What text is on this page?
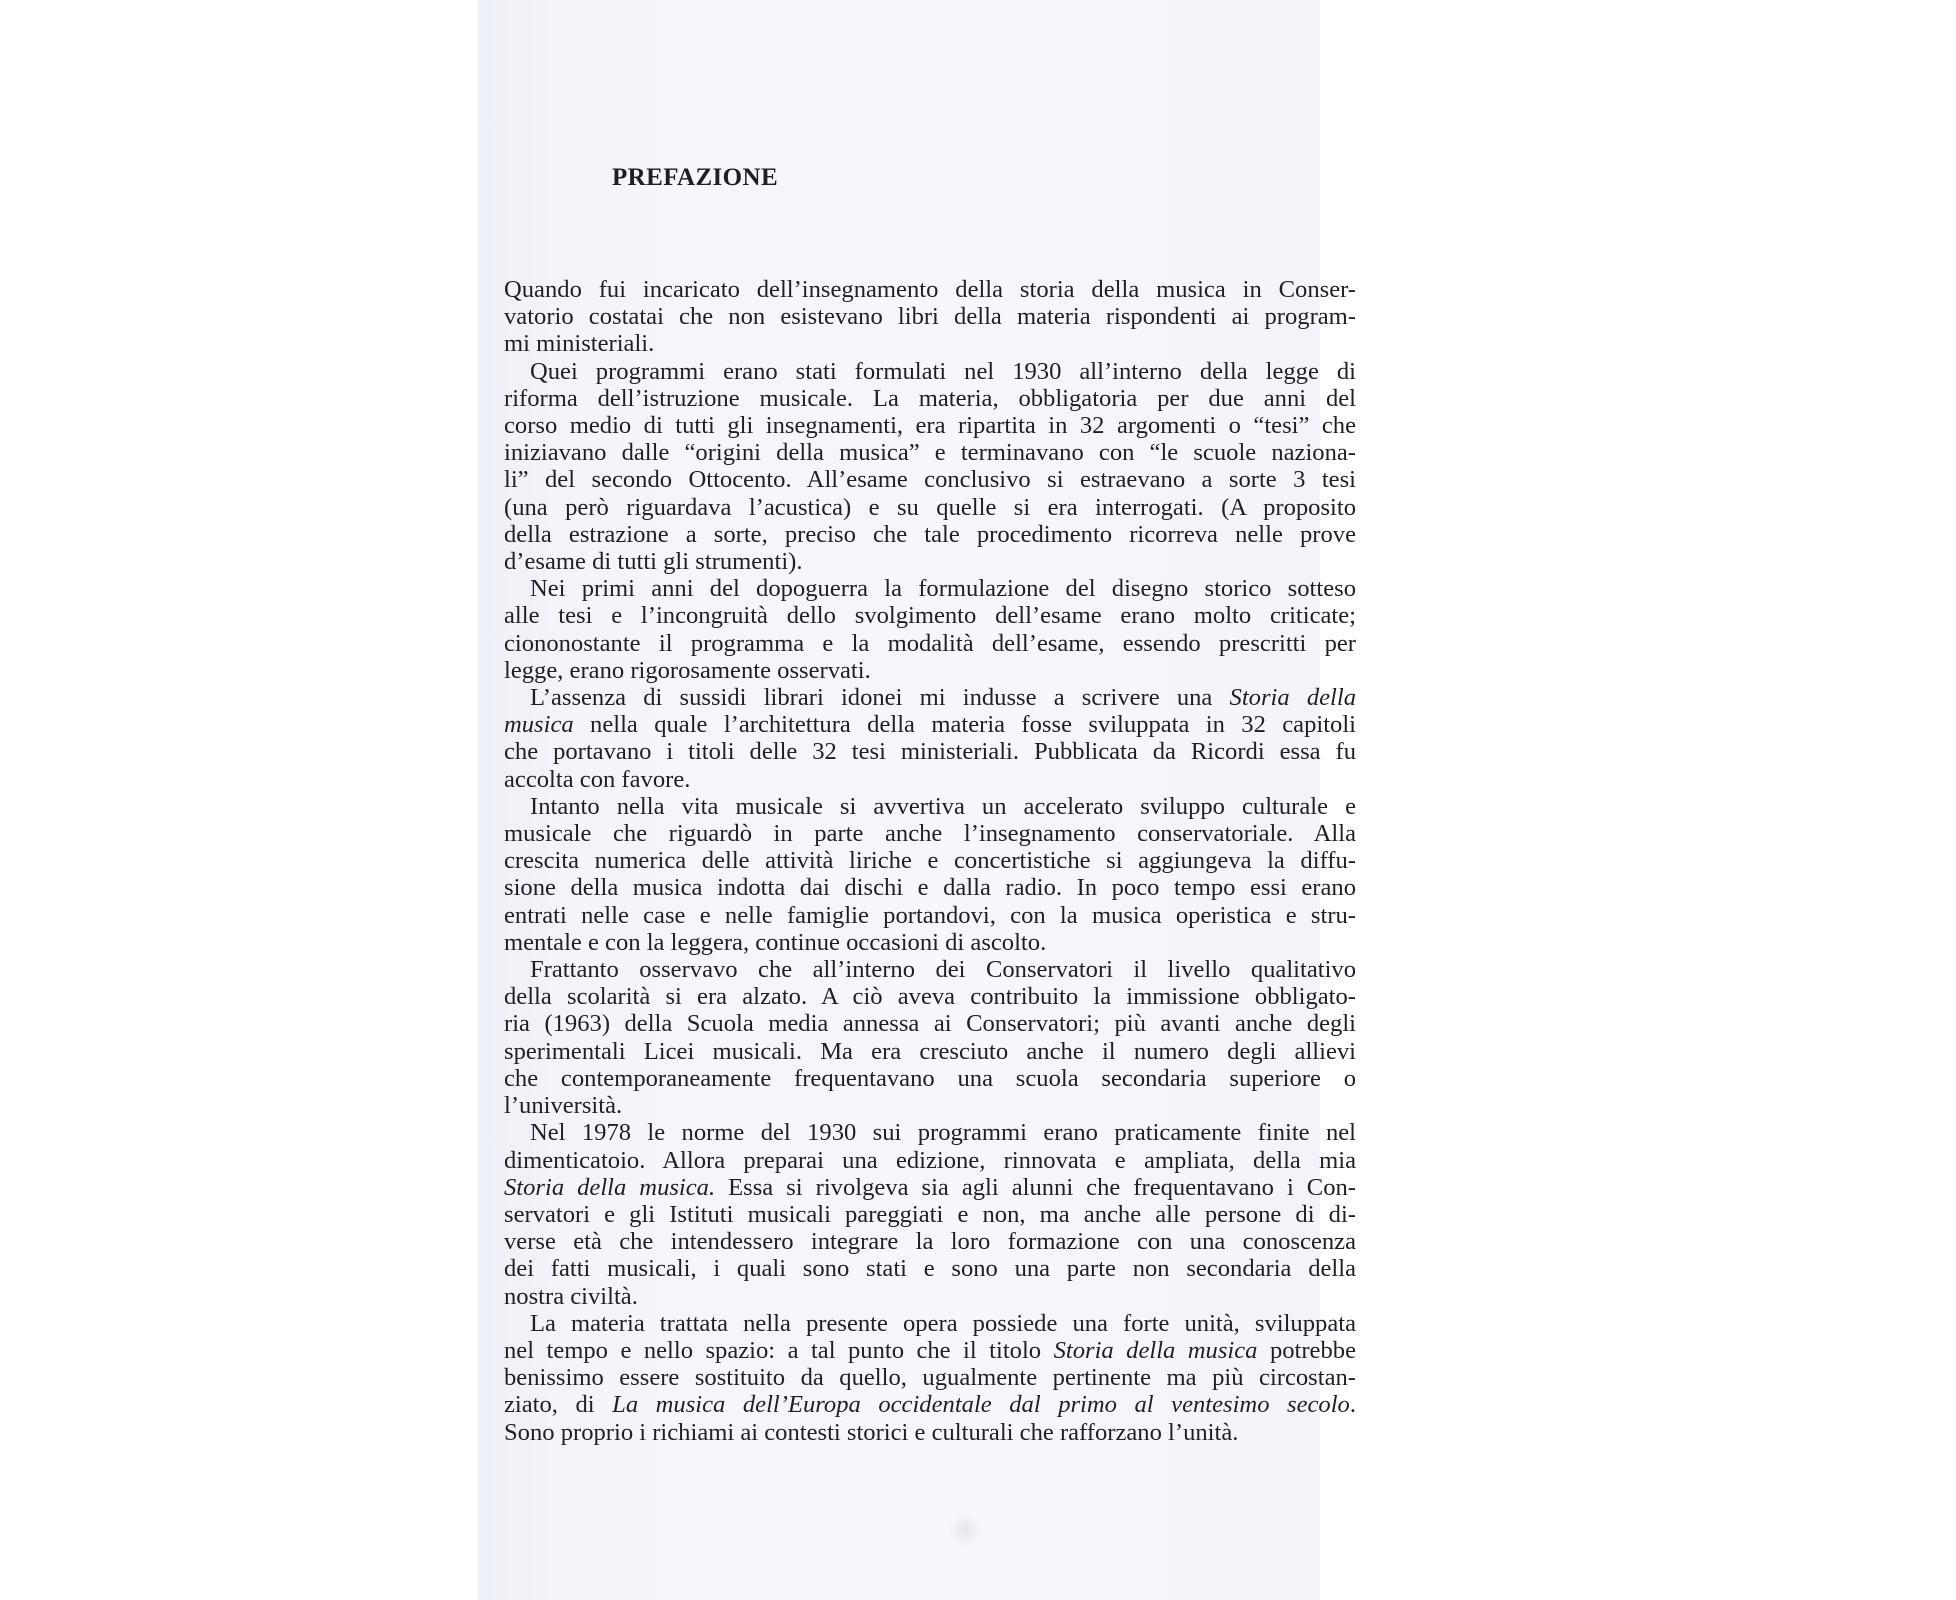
PREFAZIONE

Quando fui incaricato dell’insegnamento della storia della musica in Conser-
vatorio costatai che non esistevano libri della materia rispondenti ai program-
mi ministeriali.

Quei programmi erano stati formulati nel 1930 all’interno della legge di
riforma dell’istruzione musicale. La materia, obbligatoria per due anni del
corso medio di tutti gli insegnamenti, era ripartita in 32 argomenti o “tesi” che
iniziavano dalle “origini della musica” e terminavano con “le scuole naziona-
li” del secondo Ottocento. All’esame conclusivo si estraevano a sorte 3 tesi
(una però riguardava l’acustica) e su quelle si era interrogati. (A proposito
della estrazione a sorte, preciso che tale procedimento ricorreva nelle prove
d’esame di tutti gli strumenti).

Nei primi anni del dopoguerra la formulazione del disegno storico sotteso
alle tesi e l’incongruità dello svolgimento dell’esame erano molto criticate;
ciononostante il programma e la modalità dell’esame, essendo prescritti per
legge, erano rigorosamente osservati.

L’assenza di sussidi librari idonei mi indusse a scrivere una Storia della
musica nella quale l’architettura della materia fosse sviluppata in 32 capitoli
che portavano i titoli delle 32 tesi ministeriali. Pubblicata da Ricordi essa fu
accolta con favore.

Intanto nella vita musicale si avvertiva un accelerato sviluppo culturale e
musicale che riguardò in parte anche l’insegnamento conservatoriale. Alla
crescita numerica delle attività liriche e concertistiche si aggiungeva la diffu-
sione della musica indotta dai dischi e dalla radio. In poco tempo essi erano
entrati nelle case e nelle famiglie portandovi, con la musica operistica e stru-
mentale e con la leggera, continue occasioni di ascolto.

Frattanto osservavo che all’interno dei Conservatori il livello qualitativo
della scolarità si era alzato. A ciò aveva contribuito la immissione obbligato-
ria (1963) della Scuola media annessa ai Conservatori; più avanti anche degli
sperimentali Licei musicali. Ma era cresciuto anche il numero degli allievi
che contemporaneamente frequentavano una scuola secondaria superiore o
l’università.

Nel 1978 le norme del 1930 sui programmi erano praticamente finite nel
dimenticatoio. Allora preparai una edizione, rinnovata e ampliata, della mia
Storia della musica. Essa si rivolgeva sia agli alunni che frequentavano i Con-
servatori e gli Istituti musicali pareggiati e non, ma anche alle persone di di-
verse età che intendessero integrare la loro formazione con una conoscenza
dei fatti musicali, i quali sono stati e sono una parte non secondaria della
nostra civiltà.

La materia trattata nella presente opera possiede una forte unità, sviluppata
nel tempo e nello spazio: a tal punto che il titolo Storia della musica potrebbe
benissimo essere sostituito da quello, ugualmente pertinente ma più circostan-
ziato, di La musica dell’Europa occidentale dal primo al ventesimo secolo.
Sono proprio i richiami ai contesti storici e culturali che rafforzano l’unità.
